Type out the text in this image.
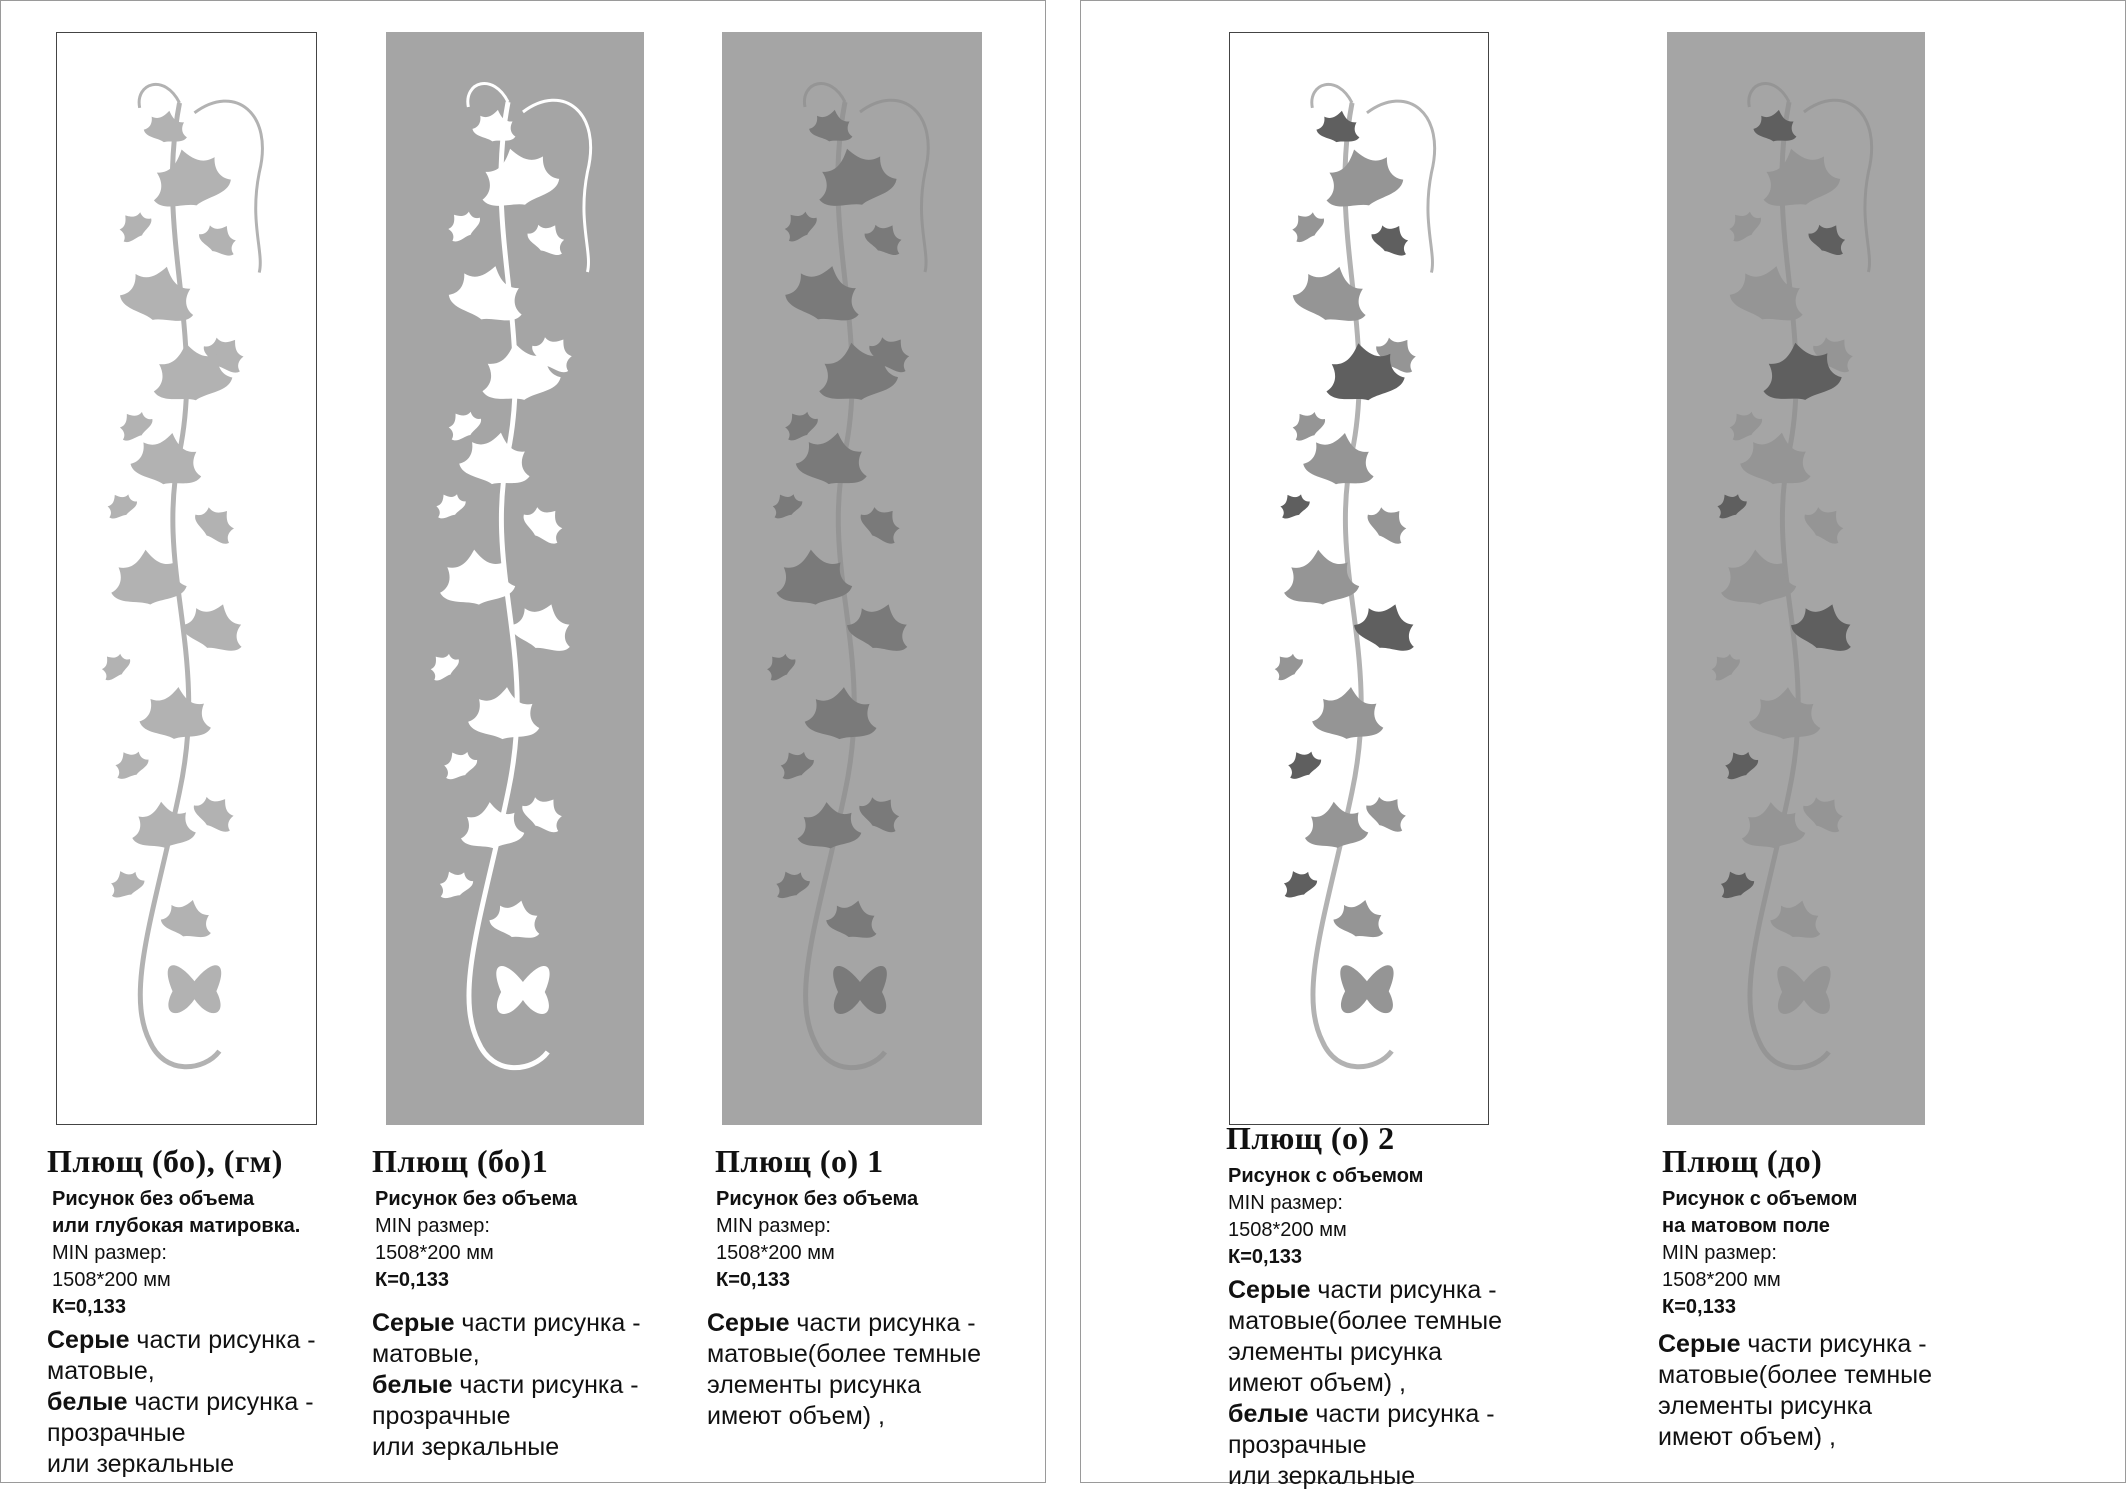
Плющ (бо), (гм)
Рисунок без объема
или глубокая матировка.
MIN размер:
1508*200 мм
К=0,133
Серые части рисунка -
матовые,
белые части рисунка -
прозрачные
или зеркальные
Плющ (бо)1
Рисунок без объема
MIN размер:
1508*200 мм
К=0,133
Серые части рисунка -
матовые,
белые части рисунка -
прозрачные
или зеркальные
Плющ (о) 1
Рисунок без объема
MIN размер:
1508*200 мм
К=0,133
Серые части рисунка -
матовые(более темные
элементы рисунка
имеют объем) ,
Плющ (о) 2
Рисунок с объемом
MIN размер:
1508*200 мм
К=0,133
Серые части рисунка -
матовые(более темные
элементы рисунка
имеют объем) ,
белые части рисунка -
прозрачные
или зеркальные
Плющ (до)
Рисунок с объемом
на матовом поле
MIN размер:
1508*200 мм
К=0,133
Серые части рисунка -
матовые(более темные
элементы рисунка
имеют объем) ,
